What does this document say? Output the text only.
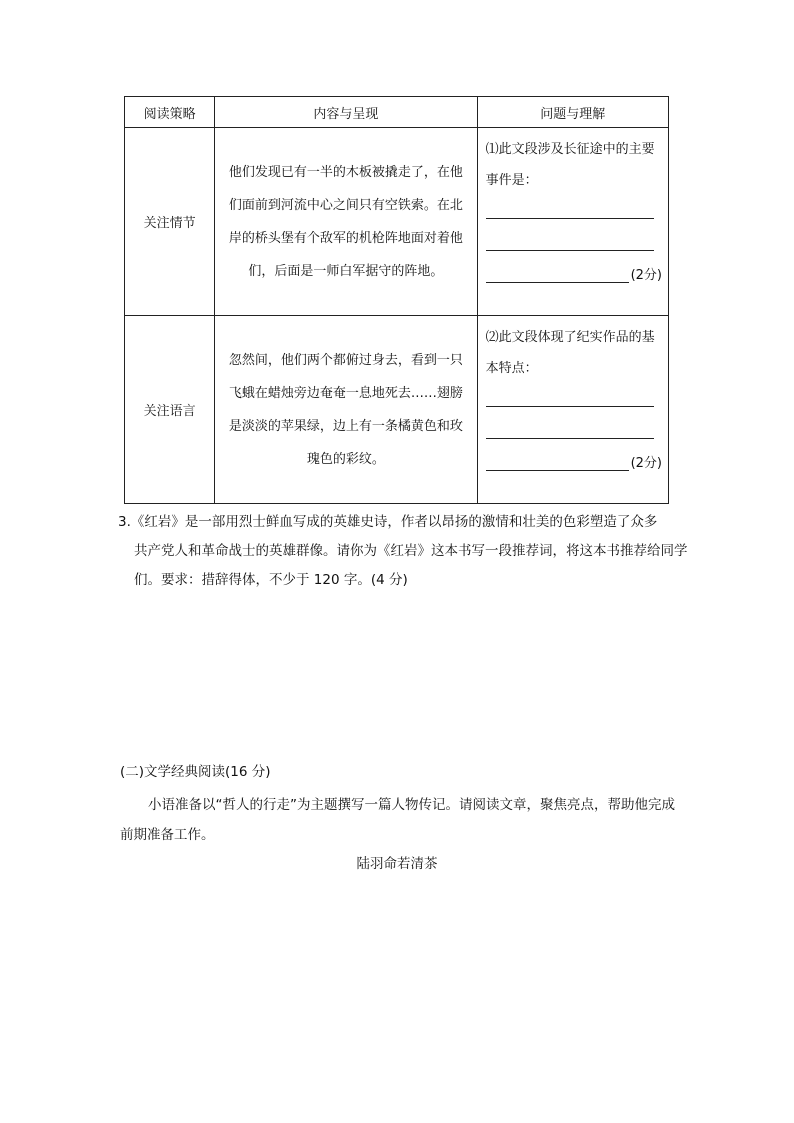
阅读策略	内容与呈现	问题与理解
关注情节	他们发现已有一半的木板被撬走了，在他们面前到河流中心之间只有空铁索。在北岸的桥头堡有个敌军的机枪阵地面对着他们，后面是一师白军据守的阵地。	⑴此文段涉及长征途中的主要事件是：
(2分)

关注语言	忽然间，他们两个都俯过身去，看到一只飞蛾在蜡烛旁边奄奄一息地死去……翅膀是淡淡的苹果绿，边上有一条橘黄色和玫瑰色的彩纹。	⑵此文段体现了纪实作品的基本特点：
(2分)
3.《红岩》是一部用烈士鲜血写成的英雄史诗，作者以昂扬的激情和壮美的色彩塑造了众多
共产党人和革命战士的英雄群像。请你为《红岩》这本书写一段推荐词，将这本书推荐给同学们。要求：措辞得体，不少于 120 字。(4 分)
(二)文学经典阅读(16 分)
小语准备以“哲人的行走”为主题撰写一篇人物传记。请阅读文章，聚焦亮点，帮助他完成前期准备工作。
陆羽命若清茶
